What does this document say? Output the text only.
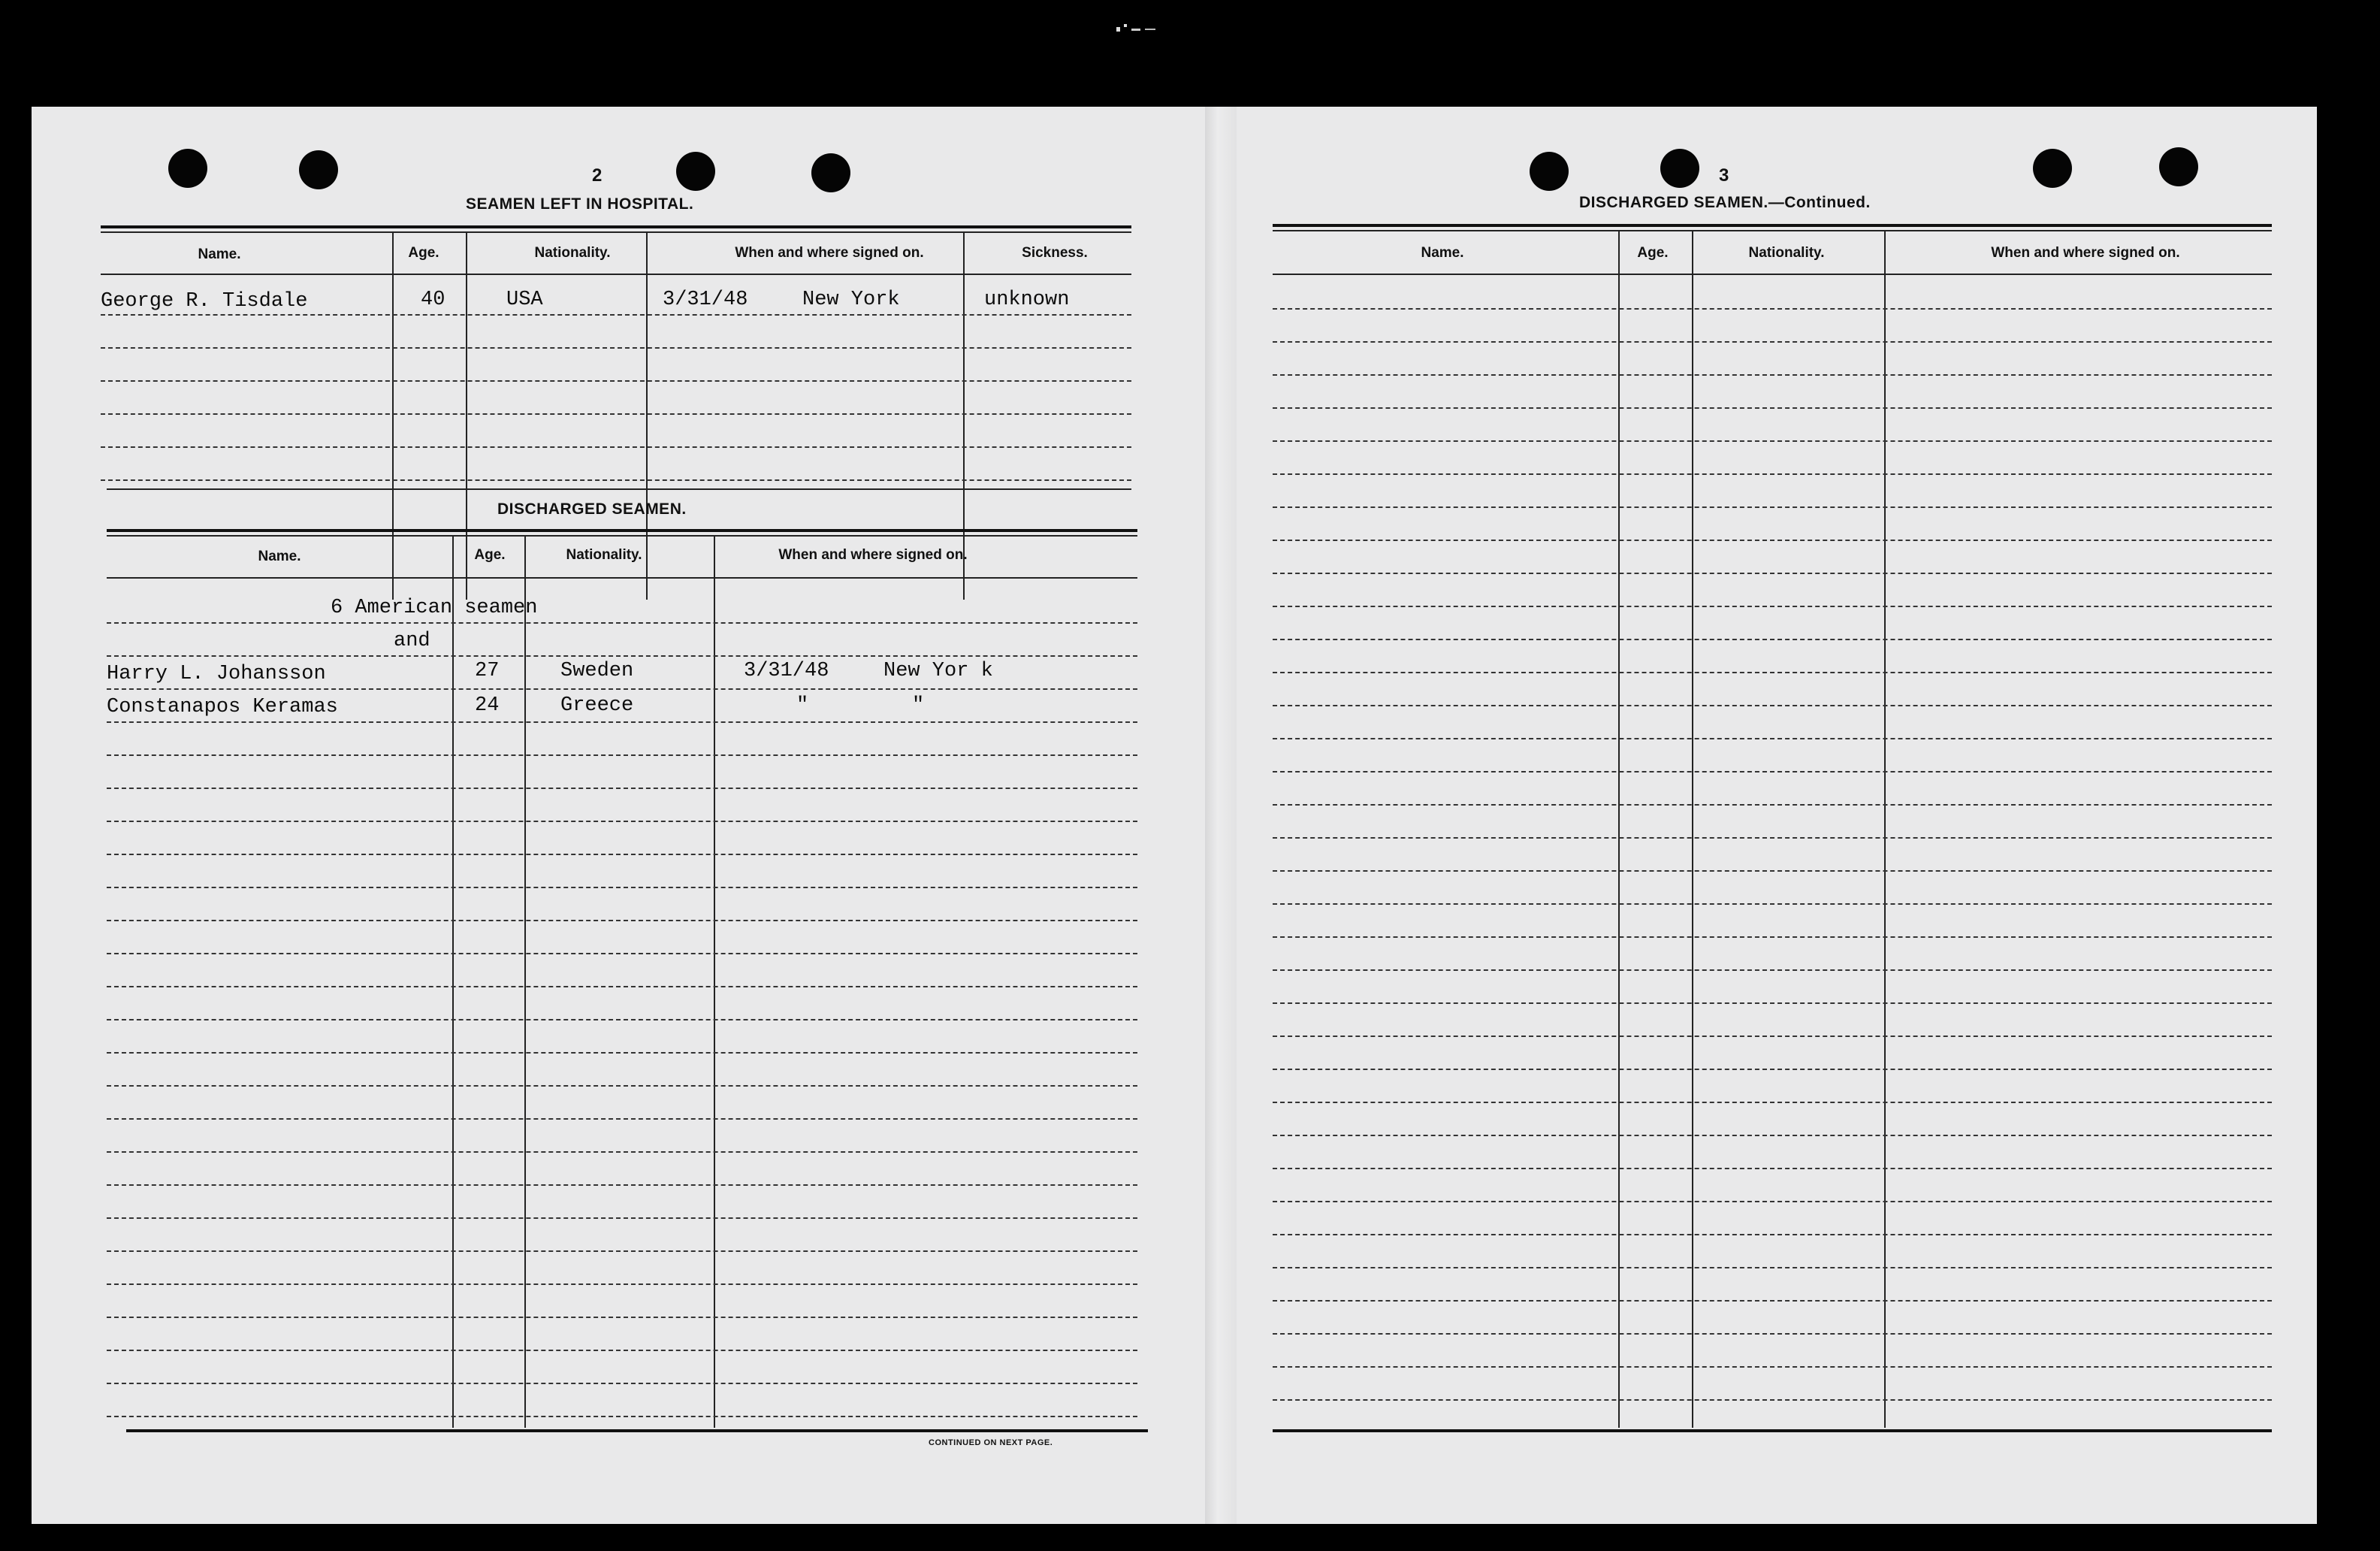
2
SEAMEN LEFT IN HOSPITAL.
Name.	Age.	Nationality.	When and where signed on.	Sickness.
George R. Tisdale	40	USA	3/31/48	New York	unknown
DISCHARGED SEAMEN.
Name.	Age.	Nationality.	When and where signed on.
6 American seamen
and
Harry L. Johansson	27	Sweden	3/31/48	New Yor k
Constanapos Keramas	24	Greece	"	"
CONTINUED ON NEXT PAGE.
3
DISCHARGED SEAMEN.—Continued.
Name.	Age.	Nationality.	When and where signed on.
